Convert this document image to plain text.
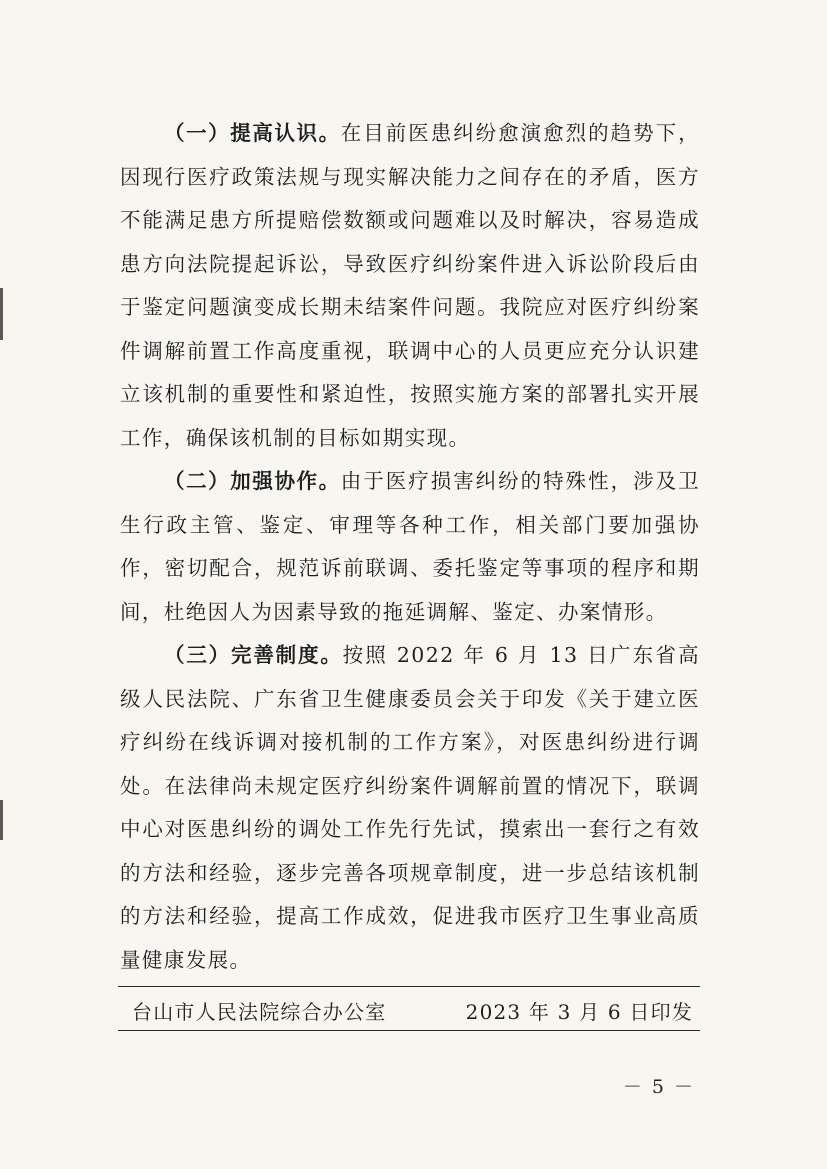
（一）提高认识。在目前医患纠纷愈演愈烈的趋势下，因现行医疗政策法规与现实解决能力之间存在的矛盾，医方不能满足患方所提赔偿数额或问题难以及时解决，容易造成患方向法院提起诉讼，导致医疗纠纷案件进入诉讼阶段后由于鉴定问题演变成长期未结案件问题。我院应对医疗纠纷案件调解前置工作高度重视，联调中心的人员更应充分认识建立该机制的重要性和紧迫性，按照实施方案的部署扎实开展工作，确保该机制的目标如期实现。

（二）加强协作。由于医疗损害纠纷的特殊性，涉及卫生行政主管、鉴定、审理等各种工作，相关部门要加强协作，密切配合，规范诉前联调、委托鉴定等事项的程序和期间，杜绝因人为因素导致的拖延调解、鉴定、办案情形。

（三）完善制度。按照 2022 年 6 月 13 日广东省高级人民法院、广东省卫生健康委员会关于印发《关于建立医疗纠纷在线诉调对接机制的工作方案》，对医患纠纷进行调处。在法律尚未规定医疗纠纷案件调解前置的情况下，联调中心对医患纠纷的调处工作先行先试，摸索出一套行之有效的方法和经验，逐步完善各项规章制度，进一步总结该机制的方法和经验，提高工作成效，促进我市医疗卫生事业高质量健康发展。

台山市人民法院综合办公室	2023 年 3 月 6 日印发
－ 5 －
